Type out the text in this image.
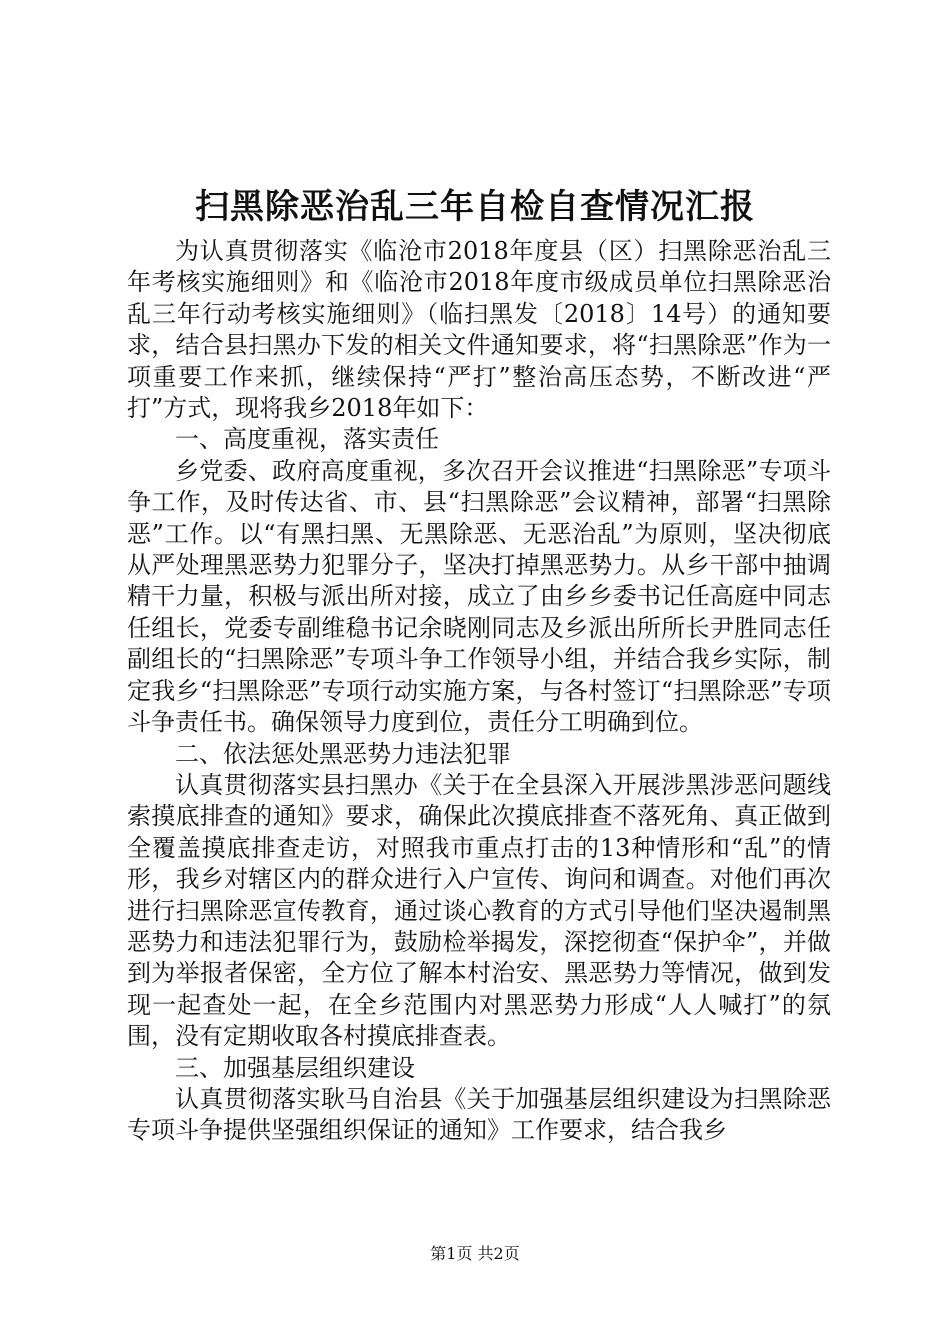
扫黑除恶治乱三年自检自查情况汇报

为认真贯彻落实《临沧市2018年度县（区）扫黑除恶治乱三年考核实施细则》和《临沧市2018年度市级成员单位扫黑除恶治乱三年行动考核实施细则》（临扫黑发〔2018〕14号）的通知要求，结合县扫黑办下发的相关文件通知要求，将“扫黑除恶”作为一项重要工作来抓，继续保持“严打”整治高压态势，不断改进“严打”方式，现将我乡2018年如下：

一、高度重视，落实责任

乡党委、政府高度重视，多次召开会议推进“扫黑除恶”专项斗争工作，及时传达省、市、县“扫黑除恶”会议精神，部署“扫黑除恶”工作。以“有黑扫黑、无黑除恶、无恶治乱”为原则，坚决彻底从严处理黑恶势力犯罪分子，坚决打掉黑恶势力。从乡干部中抽调精干力量，积极与派出所对接，成立了由乡乡委书记任高庭中同志任组长，党委专副维稳书记余晓刚同志及乡派出所所长尹胜同志任副组长的“扫黑除恶”专项斗争工作领导小组，并结合我乡实际，制定我乡“扫黑除恶”专项行动实施方案，与各村签订“扫黑除恶”专项斗争责任书。确保领导力度到位，责任分工明确到位。

二、依法惩处黑恶势力违法犯罪

认真贯彻落实县扫黑办《关于在全县深入开展涉黑涉恶问题线索摸底排查的通知》要求，确保此次摸底排查不落死角、真正做到全覆盖摸底排查走访，对照我市重点打击的13种情形和“乱”的情形，我乡对辖区内的群众进行入户宣传、询问和调查。对他们再次进行扫黑除恶宣传教育，通过谈心教育的方式引导他们坚决遏制黑恶势力和违法犯罪行为，鼓励检举揭发，深挖彻查“保护伞”，并做到为举报者保密，全方位了解本村治安、黑恶势力等情况，做到发现一起查处一起，在全乡范围内对黑恶势力形成“人人喊打”的氛围，没有定期收取各村摸底排查表。

三、加强基层组织建设

认真贯彻落实耿马自治县《关于加强基层组织建设为扫黑除恶专项斗争提供坚强组织保证的通知》工作要求，结合我乡

第1页 共2页
